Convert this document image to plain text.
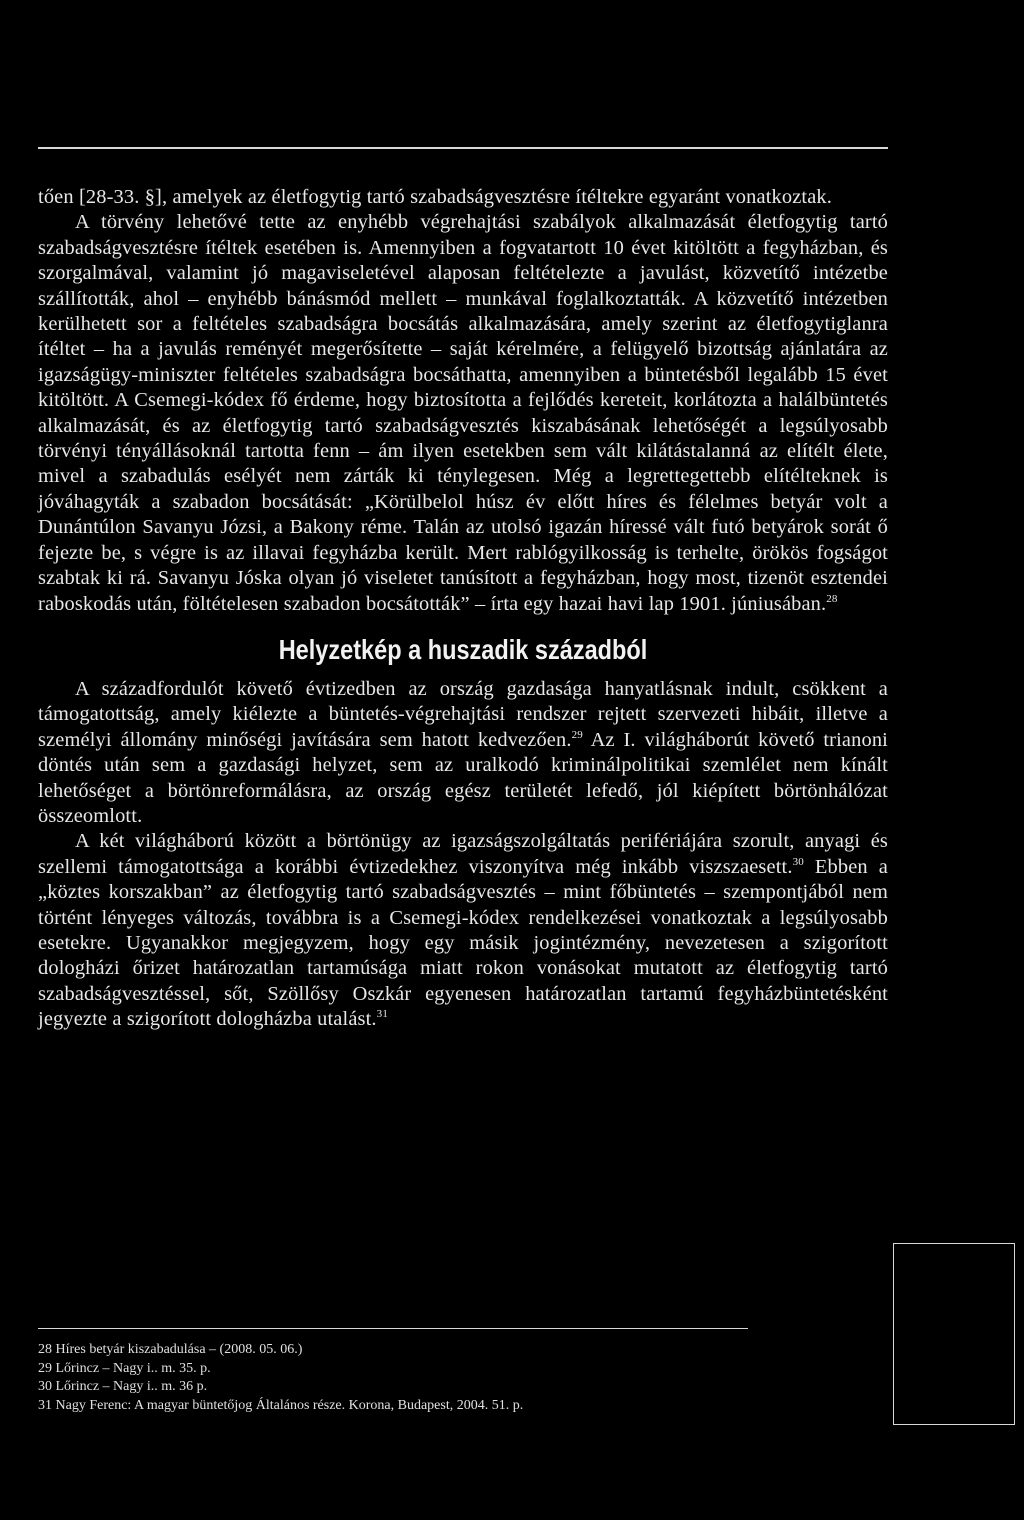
tően [28-33. §], amelyek az életfogytig tartó szabadságvesztésre ítéltekre egyaránt vonatkoztak.

A törvény lehetővé tette az enyhébb végrehajtási szabályok alkalmazását életfogytig tartó szabadságvesztésre ítéltek esetében is. Amennyiben a fogvatartott 10 évet kitöltött a fegyházban, és szorgalmával, valamint jó magaviseletével alaposan feltételezte a javulást, közvetítő intézetbe szállították, ahol – enyhébb bánásmód mellett – munkával foglalkoztatták. A közvetítő intézetben kerülhetett sor a feltételes szabadságra bocsátás alkalmazására, amely szerint az életfogytiglanra ítéltet – ha a javulás reményét megerősítette – saját kérelmére, a felügyelő bizottság ajánlatára az igazságügy-miniszter feltételes szabadságra bocsáthatta, amennyiben a büntetésből legalább 15 évet kitöltött. A Csemegi-kódex fő érdeme, hogy biztosította a fejlődés kereteit, korlátozta a halálbüntetés alkalmazását, és az életfogytig tartó szabadságvesztés kiszabásának lehetőségét a legsúlyosabb törvényi tényállásoknál tartotta fenn – ám ilyen esetekben sem vált kilátástalanná az elítélt élete, mivel a szabadulás esélyét nem zárták ki ténylegesen. Még a legrettegettebb elítélteknek is jóváhagyták a szabadon bocsátását: „Körülbelol húsz év előtt híres és félelmes betyár volt a Dunántúlon Savanyu Józsi, a Bakony réme. Talán az utolsó igazán híressé vált futó betyárok sorát ő fejezte be, s végre is az illavai fegyházba került. Mert rablógyilkosság is terhelte, örökös fogságot szabtak ki rá. Savanyu Jóska olyan jó viseletet tanúsított a fegyházban, hogy most, tizenöt esztendei raboskodás után, föltételesen szabadon bocsátották” – írta egy hazai havi lap 1901. júniusában.$^{28}$

Helyzetkép a huszadik századból

A századfordulót követő évtizedben az ország gazdasága hanyatlásnak indult, csökkent a támogatottság, amely kiélezte a büntetés-végrehajtási rendszer rejtett szervezeti hibáit, illetve a személyi állomány minőségi javítására sem hatott kedvezően.$^{29}$ Az I. világháborút követő trianoni döntés után sem a gazdasági helyzet, sem az uralkodó kriminálpolitikai szemlélet nem kínált lehetőséget a börtönreformálásra, az ország egész területét lefedő, jól kiépített börtönhálózat összeomlott.

A két világháború között a börtönügy az igazságszolgáltatás perifériájára szorult, anyagi és szellemi támogatottsága a korábbi évtizedekhez viszonyítva még inkább viszszaesett.$^{30}$ Ebben a „köztes korszakban” az életfogytig tartó szabadságvesztés – mint főbüntetés – szempontjából nem történt lényeges változás, továbbra is a Csemegi-kódex rendelkezései vonatkoztak a legsúlyosabb esetekre. Ugyanakkor megjegyzem, hogy egy másik jogintézmény, nevezetesen a szigorított dologházi őrizet határozatlan tartamúsága miatt rokon vonásokat mutatott az életfogytig tartó szabadságvesztéssel, sőt, Szöllősy Oszkár egyenesen határozatlan tartamú fegyházbüntetésként jegyezte a szigorított dologházba utalást.$^{31}$

28 Híres betyár kiszabadulása – (2008. 05. 06.)

29 Lőrincz – Nagy i.. m. 35. p.

30 Lőrincz – Nagy i.. m. 36 p.

31 Nagy Ferenc: A magyar büntetőjog Általános része. Korona, Budapest, 2004. 51. p.
